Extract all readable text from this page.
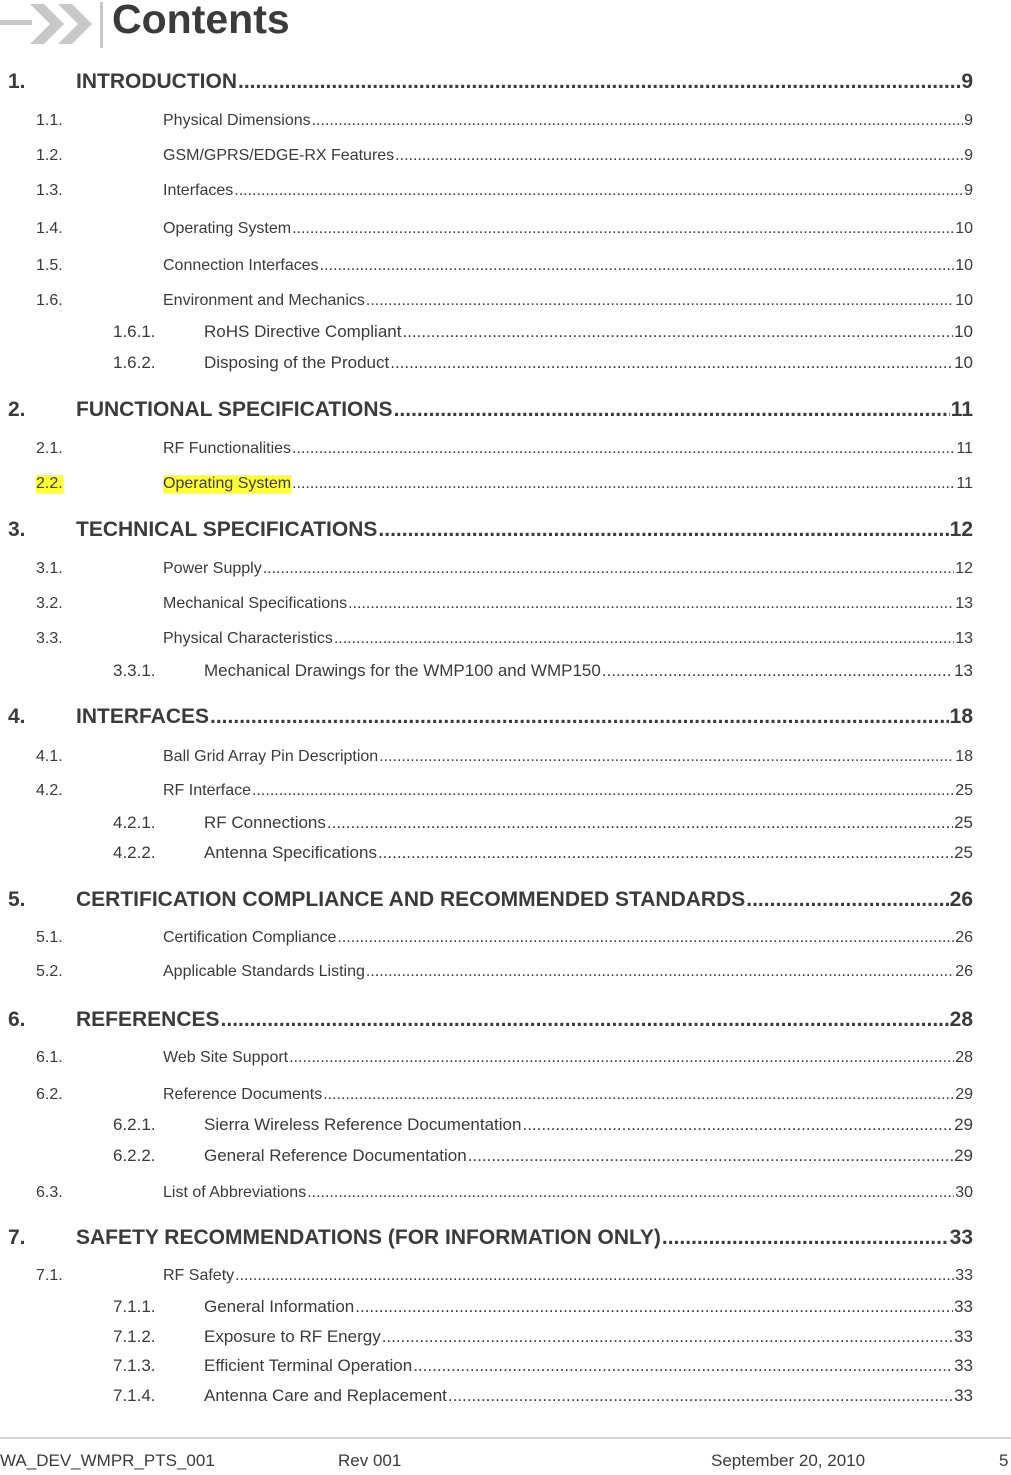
Contents
1. INTRODUCTION .....	9
1.1.	Physical Dimensions .....	9
1.2.	GSM/GPRS/EDGE-RX Features .....	9
1.3.	Interfaces .....	9
1.4.	Operating System .....	10
1.5.	Connection Interfaces .....	10
1.6.	Environment and Mechanics .....	10
1.6.1.	RoHS Directive Compliant .....	10
1.6.2.	Disposing of the Product .....	10
2. FUNCTIONAL SPECIFICATIONS .....	11
2.1.	RF Functionalities .....	11
2.2.	Operating System .....	11
3. TECHNICAL SPECIFICATIONS .....	12
3.1.	Power Supply .....	12
3.2.	Mechanical Specifications .....	13
3.3.	Physical Characteristics .....	13
3.3.1.	Mechanical Drawings for the WMP100 and WMP150 .....	13
4. INTERFACES .....	18
4.1.	Ball Grid Array Pin Description .....	18
4.2.	RF Interface .....	25
4.2.1.	RF Connections .....	25
4.2.2.	Antenna Specifications .....	25
5. CERTIFICATION COMPLIANCE AND RECOMMENDED STANDARDS .....	26
5.1.	Certification Compliance .....	26
5.2.	Applicable Standards Listing .....	26
6. REFERENCES .....	28
6.1.	Web Site Support .....	28
6.2.	Reference Documents .....	29
6.2.1.	Sierra Wireless Reference Documentation .....	29
6.2.2.	General Reference Documentation .....	29
6.3.	List of Abbreviations .....	30
7. SAFETY RECOMMENDATIONS (FOR INFORMATION ONLY) .....	33
7.1.	RF Safety .....	33
7.1.1.	General Information .....	33
7.1.2.	Exposure to RF Energy .....	33
7.1.3.	Efficient Terminal Operation .....	33
7.1.4.	Antenna Care and Replacement .....	33
WA_DEV_WMPR_PTS_001	Rev 001	September 20, 2010	5
